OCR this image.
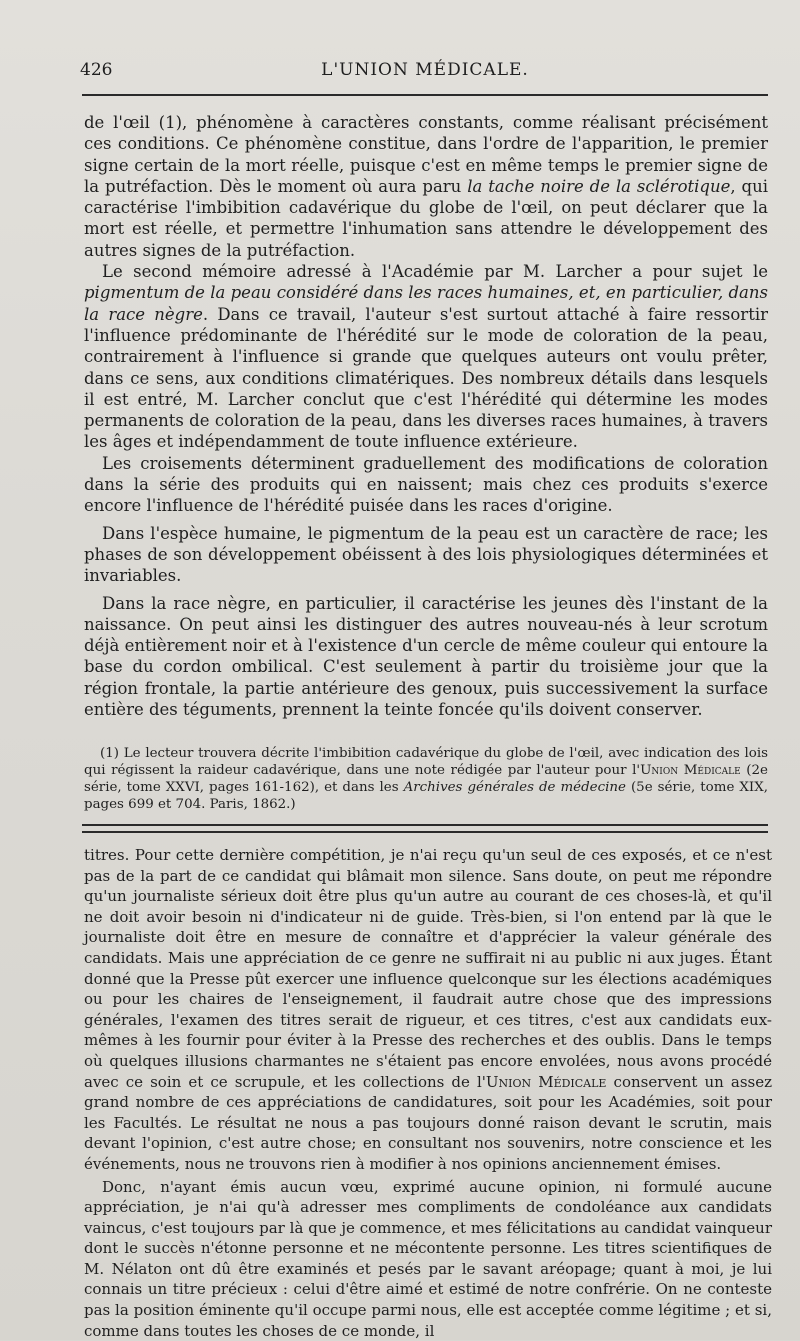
426	L'UNION MÉDICALE.

de l'œil (1), phénomène à caractères constants, comme réalisant précisément ces conditions. Ce phénomène constitue, dans l'ordre de l'apparition, le premier signe certain de la mort réelle, puisque c'est en même temps le premier signe de la putréfaction. Dès le moment où aura paru la tache noire de la sclérotique, qui caractérise l'imbibition cadavérique du globe de l'œil, on peut déclarer que la mort est réelle, et permettre l'inhumation sans attendre le développement des autres signes de la putréfaction.

Le second mémoire adressé à l'Académie par M. Larcher a pour sujet le pigmentum de la peau considéré dans les races humaines, et, en particulier, dans la race nègre. Dans ce travail, l'auteur s'est surtout attaché à faire ressortir l'influence prédominante de l'hérédité sur le mode de coloration de la peau, contrairement à l'influence si grande que quelques auteurs ont voulu prêter, dans ce sens, aux conditions climatériques. Des nombreux détails dans lesquels il est entré, M. Larcher conclut que c'est l'hérédité qui détermine les modes permanents de coloration de la peau, dans les diverses races humaines, à travers les âges et indépendamment de toute influence extérieure.

Les croisements déterminent graduellement des modifications de coloration dans la série des produits qui en naissent; mais chez ces produits s'exerce encore l'influence de l'hérédité puisée dans les races d'origine.

Dans l'espèce humaine, le pigmentum de la peau est un caractère de race; les phases de son développement obéissent à des lois physiologiques déterminées et invariables.

Dans la race nègre, en particulier, il caractérise les jeunes dès l'instant de la naissance. On peut ainsi les distinguer des autres nouveau-nés à leur scrotum déjà entièrement noir et à l'existence d'un cercle de même couleur qui entoure la base du cordon ombilical. C'est seulement à partir du troisième jour que la région frontale, la partie antérieure des genoux, puis successivement la surface entière des téguments, prennent la teinte foncée qu'ils doivent conserver.

(1) Le lecteur trouvera décrite l'imbibition cadavérique du globe de l'œil, avec indication des lois qui régissent la raideur cadavérique, dans une note rédigée par l'auteur pour l'Union Médicale (2e série, tome XXVI, pages 161-162), et dans les Archives générales de médecine (5e série, tome XIX, pages 699 et 704. Paris, 1862.)

titres. Pour cette dernière compétition, je n'ai reçu qu'un seul de ces exposés, et ce n'est pas de la part de ce candidat qui blâmait mon silence. Sans doute, on peut me répondre qu'un journaliste sérieux doit être plus qu'un autre au courant de ces choses-là, et qu'il ne doit avoir besoin ni d'indicateur ni de guide. Très-bien, si l'on entend par là que le journaliste doit être en mesure de connaître et d'apprécier la valeur générale des candidats. Mais une appréciation de ce genre ne suffirait ni au public ni aux juges. Étant donné que la Presse pût exercer une influence quelconque sur les élections académiques ou pour les chaires de l'enseignement, il faudrait autre chose que des impressions générales, l'examen des titres serait de rigueur, et ces titres, c'est aux candidats eux-mêmes à les fournir pour éviter à la Presse des recherches et des oublis. Dans le temps où quelques illusions charmantes ne s'étaient pas encore envolées, nous avons procédé avec ce soin et ce scrupule, et les collections de l'Union Médicale conservent un assez grand nombre de ces appréciations de candidatures, soit pour les Académies, soit pour les Facultés. Le résultat ne nous a pas toujours donné raison devant le scrutin, mais devant l'opinion, c'est autre chose; en consultant nos souvenirs, notre conscience et les événements, nous ne trouvons rien à modifier à nos opinions anciennement émises.

Donc, n'ayant émis aucun vœu, exprimé aucune opinion, ni formulé aucune appréciation, je n'ai qu'à adresser mes compliments de condoléance aux candidats vaincus, c'est toujours par là que je commence, et mes félicitations au candidat vainqueur dont le succès n'étonne personne et ne mécontente personne. Les titres scientifiques de M. Nélaton ont dû être examinés et pesés par le savant aréopage; quant à moi, je lui connais un titre précieux : celui d'être aimé et estimé de notre confrérie. On ne conteste pas la position éminente qu'il occupe parmi nous, elle est acceptée comme légitime ; et si, comme dans toutes les choses de ce monde, il
